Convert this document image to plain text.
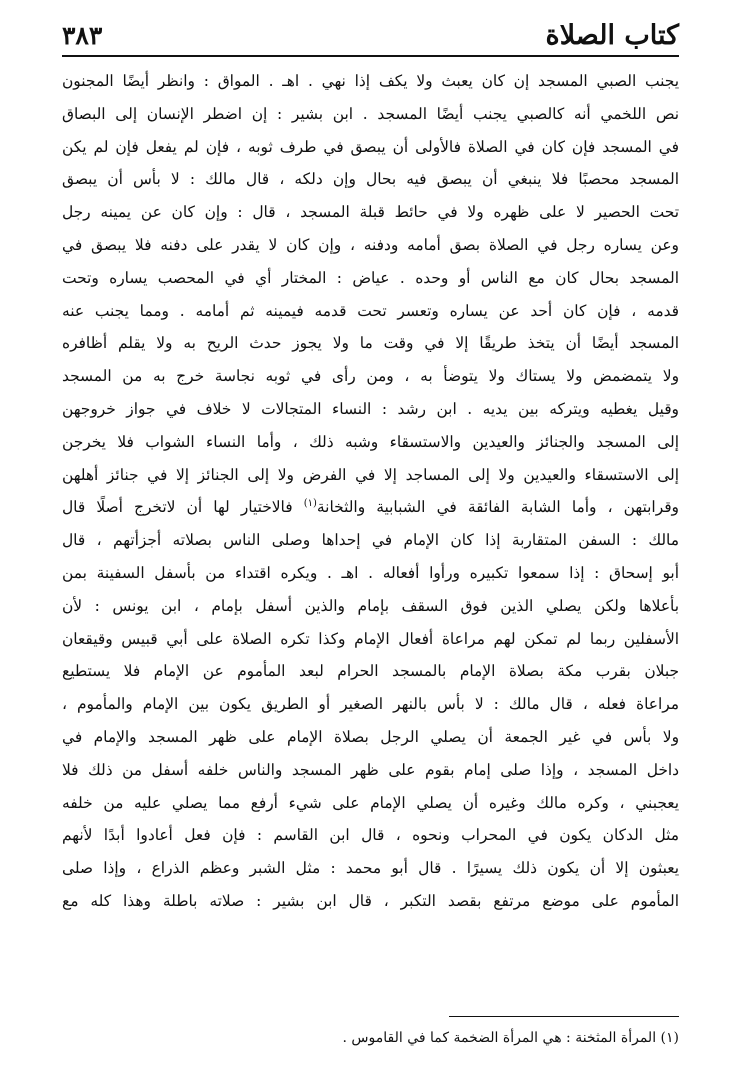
كتاب الصلاة
٣٨٣
يجنب الصبي المسجد إن كان يعبث ولا يكف إذا نهي . اهـ . المواق : وانظر أيضًا المجنون
نص اللخمي أنه كالصبي يجنب أيضًا المسجد . ابن بشير : إن اضطر الإنسان إلى البصاق
في المسجد فإن كان في الصلاة فالأولى أن يبصق في طرف ثوبه ، فإن لم يفعل فإن لم يكن
المسجد محصبًا فلا ينبغي أن يبصق فيه بحال وإن دلكه ، قال مالك : لا بأس أن يبصق
تحت الحصير لا على ظهره ولا في حائط قبلة المسجد ، قال : وإن كان عن يمينه رجل
وعن يساره رجل في الصلاة بصق أمامه ودفنه ، وإن كان لا يقدر على دفنه فلا يبصق في
المسجد بحال كان مع الناس أو وحده . عياض : المختار أي في المحصب يساره وتحت
قدمه ، فإن كان أحد عن يساره وتعسر تحت قدمه فيمينه ثم أمامه . ومما يجنب عنه
المسجد أيضًا أن يتخذ طريقًا إلا في وقت ما ولا يجوز حدث الريح به ولا يقلم أظافره
ولا يتمضمض ولا يستاك ولا يتوضأ به ، ومن رأى في ثوبه نجاسة خرج به من المسجد
وقيل يغطيه ويتركه بين يديه . ابن رشد : النساء المتجالات لا خلاف في جواز خروجهن
إلى المسجد والجنائز والعيدين والاستسقاء وشبه ذلك ، وأما النساء الشواب فلا يخرجن
إلى الاستسقاء والعيدين ولا إلى المساجد إلا في الفرض ولا إلى الجنائز إلا في جنائز أهلهن
وقرابتهن ، وأما الشابة الفائقة في الشبابية والثخانة$^{(١)}$ فالاختيار لها أن لاتخرج أصلًا قال
مالك : السفن المتقاربة إذا كان الإمام في إحداها وصلى الناس بصلاته أجزأتهم ، قال
أبو إسحاق : إذا سمعوا تكبيره ورأوا أفعاله . اهـ . ويكره اقتداء من بأسفل السفينة بمن
بأعلاها ولكن يصلي الذين فوق السقف بإمام والذين أسفل بإمام ، ابن يونس : لأن
الأسفلين ربما لم تمكن لهم مراعاة أفعال الإمام وكذا تكره الصلاة على أبي قبيس وقيقعان
جبلان بقرب مكة بصلاة الإمام بالمسجد الحرام لبعد المأموم عن الإمام فلا يستطيع
مراعاة فعله ، قال مالك : لا بأس بالنهر الصغير أو الطريق يكون بين الإمام والمأموم ،
ولا بأس في غير الجمعة أن يصلي الرجل بصلاة الإمام على ظهر المسجد والإمام في
داخل المسجد ، وإذا صلى إمام بقوم على ظهر المسجد والناس خلفه أسفل من ذلك فلا
يعجبني ، وكره مالك وغيره أن يصلي الإمام على شيء أرفع مما يصلي عليه من خلفه
مثل الدكان يكون في المحراب ونحوه ، قال ابن القاسم : فإن فعل أعادوا أبدًا لأنهم
يعبثون إلا أن يكون ذلك يسيرًا . قال أبو محمد : مثل الشبر وعظم الذراع ، وإذا صلى
المأموم على موضع مرتفع بقصد التكبر ، قال ابن بشير : صلاته باطلة وهذا كله مع
(١) المرأة المثخنة : هي المرأة الضخمة كما في القاموس .
